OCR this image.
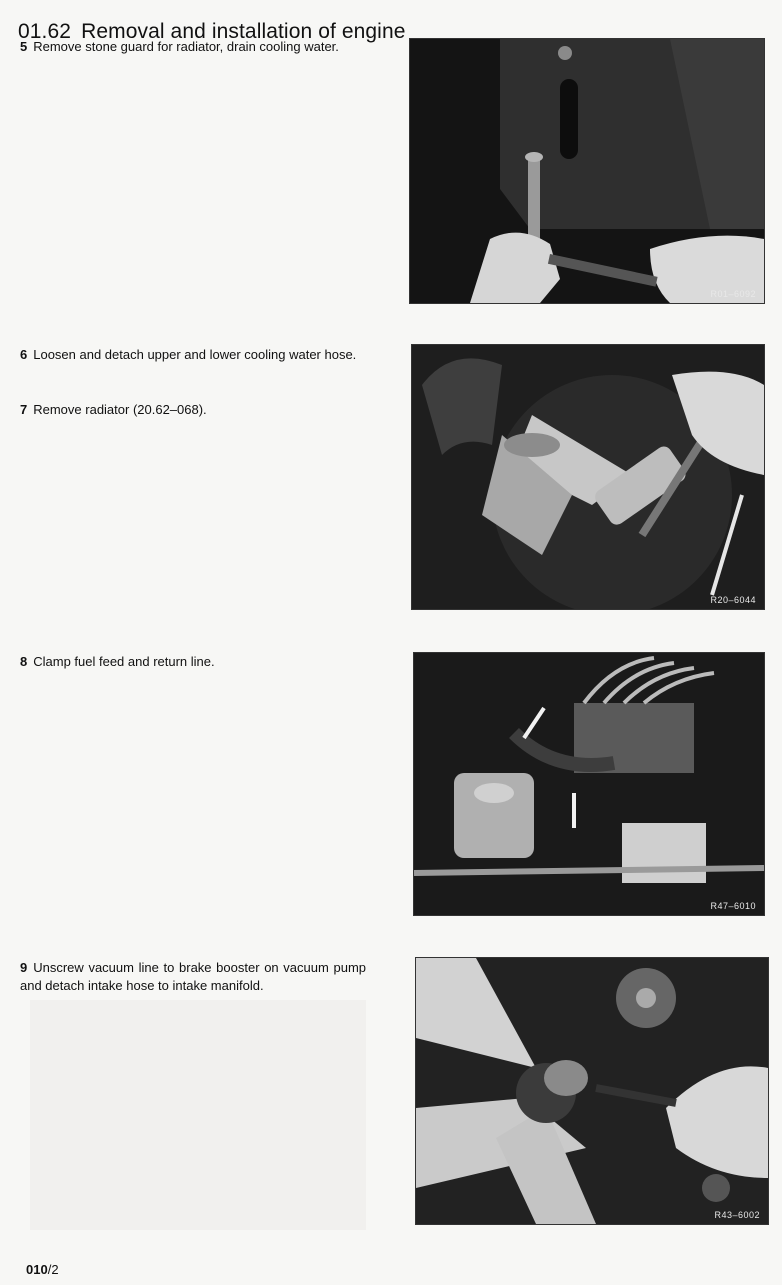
01.62 Removal and installation of engine
5 Remove stone guard for radiator, drain cooling water.
R01–6092
6 Loosen and detach upper and lower cooling water hose.
7 Remove radiator (20.62–068).
R20–6044
8 Clamp fuel feed and return line.
R47–6010
9 Unscrew vacuum line to brake booster on vacuum pump and detach intake hose to intake manifold.
R43–6002
010/2
